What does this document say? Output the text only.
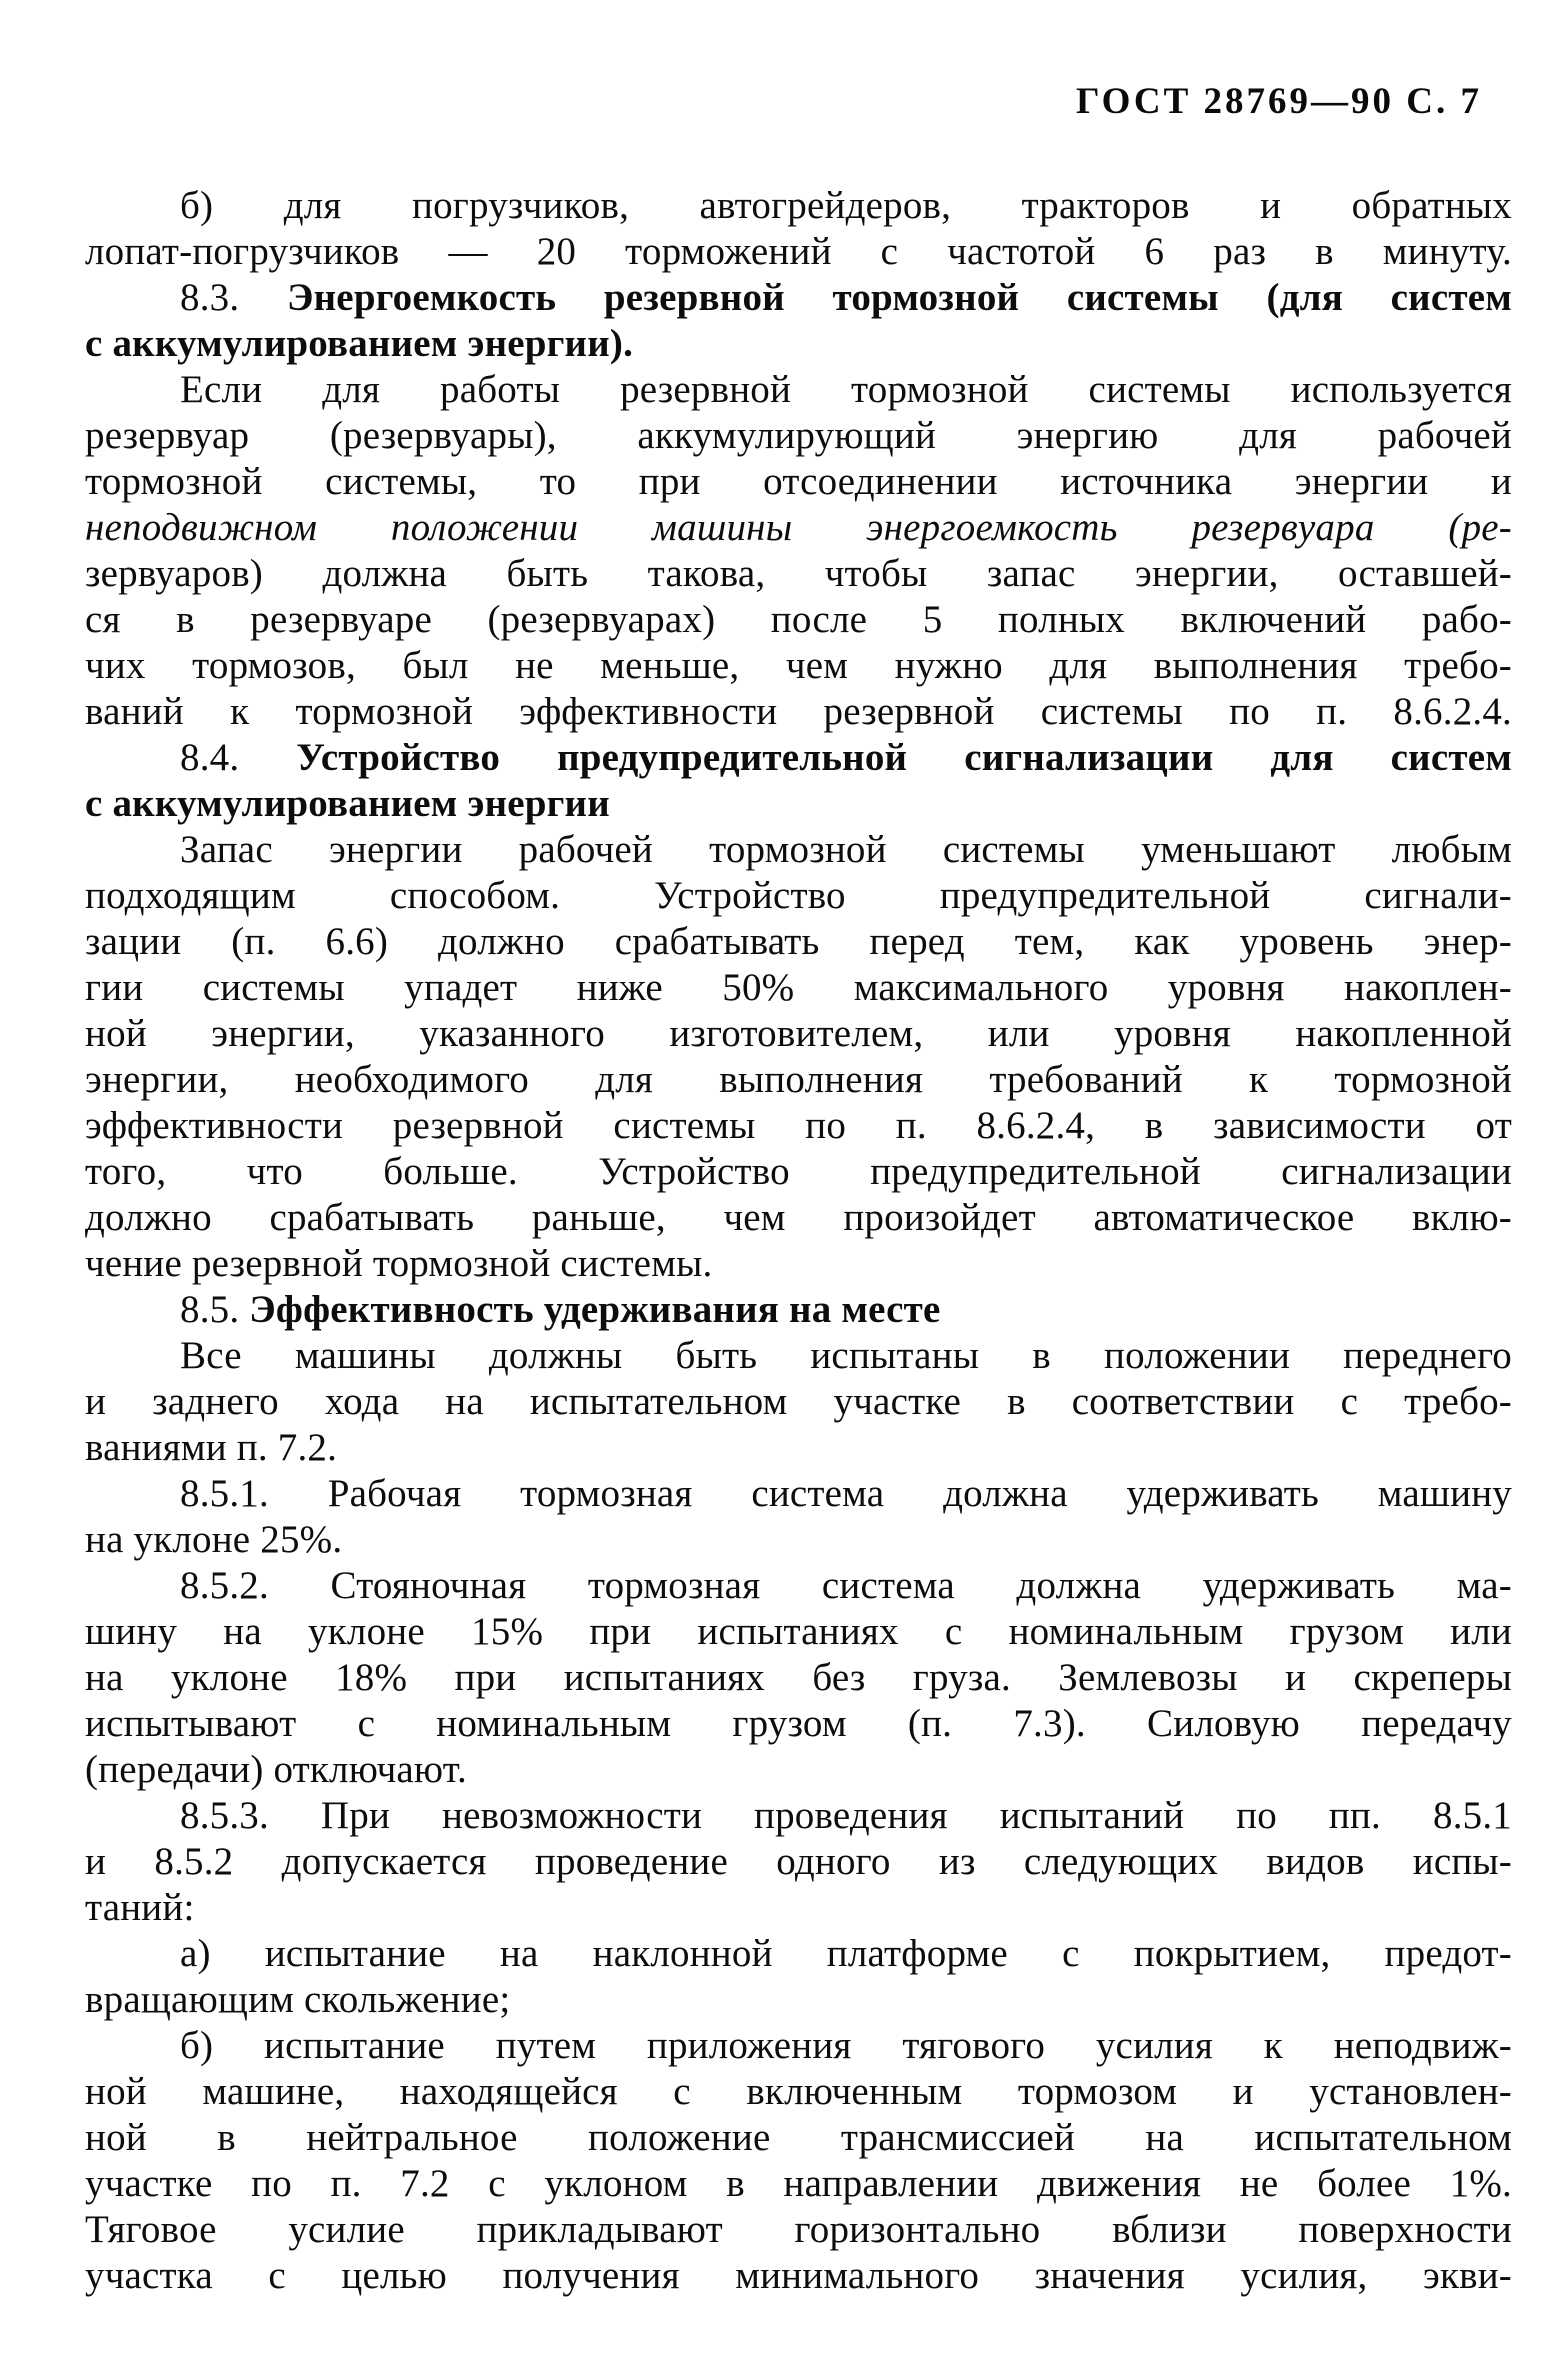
ГОСТ 28769—90 С. 7
б) для погрузчиков, автогрейдеров, тракторов и обратных
лопат-погрузчиков — 20 торможений с частотой 6 раз в минуту.
8.3. Энергоемкость резервной тормозной системы (для систем
с аккумулированием энергии).
Если для работы резервной тормозной системы используется
резервуар (резервуары), аккумулирующий энергию для рабочей
тормозной системы, то при отсоединении источника энергии и
неподвижном положении машины энергоемкость резервуара (ре-
зервуаров) должна быть такова, чтобы запас энергии, оставшей-
ся в резервуаре (резервуарах) после 5 полных включений рабо-
чих тормозов, был не меньше, чем нужно для выполнения требо-
ваний к тормозной эффективности резервной системы по п. 8.6.2.4.
8.4. Устройство предупредительной сигнализации для систем
с аккумулированием энергии
Запас энергии рабочей тормозной системы уменьшают любым
подходящим способом. Устройство предупредительной сигнали-
зации (п. 6.6) должно срабатывать перед тем, как уровень энер-
гии системы упадет ниже 50% максимального уровня накоплен-
ной энергии, указанного изготовителем, или уровня накопленной
энергии, необходимого для выполнения требований к тормозной
эффективности резервной системы по п. 8.6.2.4, в зависимости от
того, что больше. Устройство предупредительной сигнализации
должно срабатывать раньше, чем произойдет автоматическое вклю-
чение резервной тормозной системы.
8.5. Эффективность удерживания на месте
Все машины должны быть испытаны в положении переднего
и заднего хода на испытательном участке в соответствии с требо-
ваниями п. 7.2.
8.5.1. Рабочая тормозная система должна удерживать машину
на уклоне 25%.
8.5.2. Стояночная тормозная система должна удерживать ма-
шину на уклоне 15% при испытаниях с номинальным грузом или
на уклоне 18% при испытаниях без груза. Землевозы и скреперы
испытывают с номинальным грузом (п. 7.3). Силовую передачу
(передачи) отключают.
8.5.3. При невозможности проведения испытаний по пп. 8.5.1
и 8.5.2 допускается проведение одного из следующих видов испы-
таний:
а) испытание на наклонной платформе с покрытием, предот-
вращающим скольжение;
б) испытание путем приложения тягового усилия к неподвиж-
ной машине, находящейся с включенным тормозом и установлен-
ной в нейтральное положение трансмиссией на испытательном
участке по п. 7.2 с уклоном в направлении движения не более 1%.
Тяговое усилие прикладывают горизонтально вблизи поверхности
участка с целью получения минимального значения усилия, экви-
